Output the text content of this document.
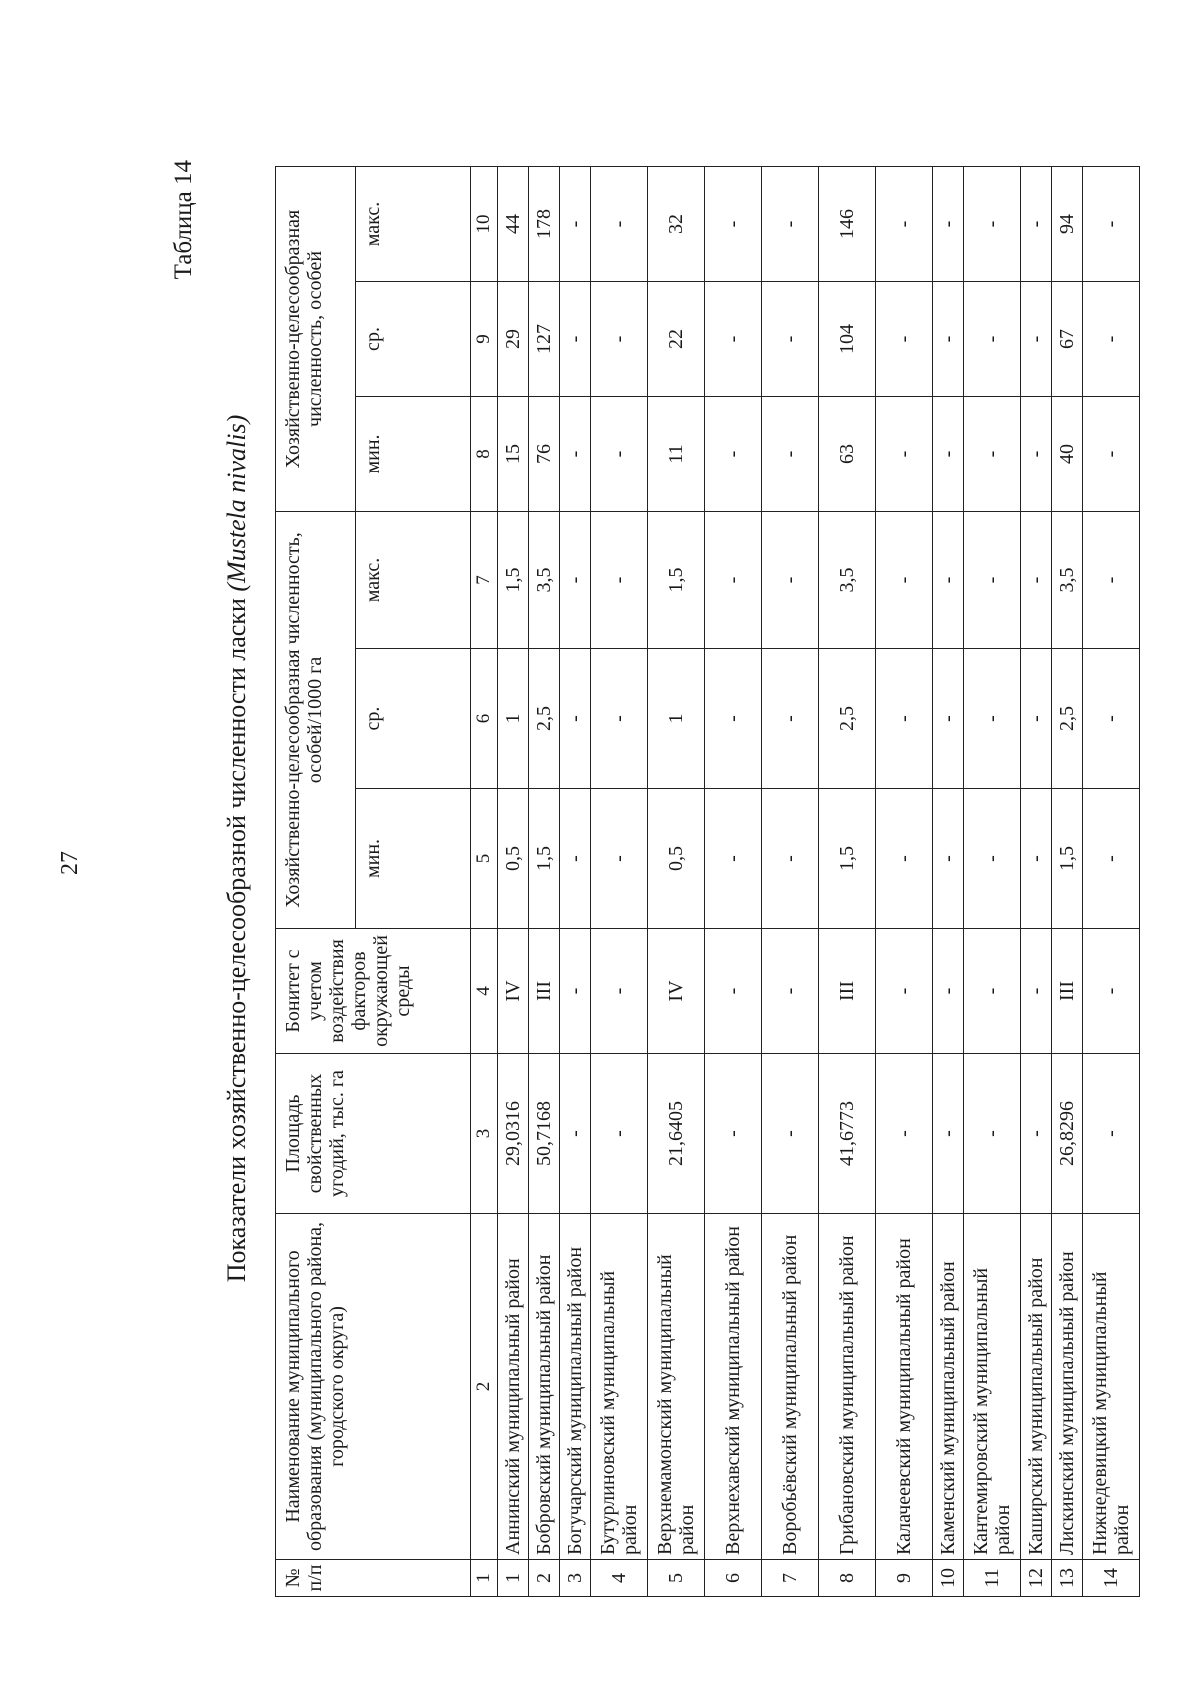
27
Таблица 14
Показатели хозяйственно-целесообразной численности ласки (Mustela nivalis)
№ п/п	Наименование муниципального образования (муниципального района, городского округа)	Площадь свойственных угодий, тыс. га	Бонитет с учетом воздействия факторов окружающей среды	Хозяйственно-целесообразная численность, особей/1000 га			Хозяйственно-целесообразная численность, особей		
				мин.	ср.	макс.	мин.	ср.	макс.
1	2	3	4	5	6	7	8	9	10
1	Аннинский муниципальный район	29,0316	IV	0,5	1	1,5	15	29	44
2	Бобровский муниципальный район	50,7168	III	1,5	2,5	3,5	76	127	178
3	Богучарский муниципальный район	-	-	-	-	-	-	-	-
4	Бутурлиновский муниципальный район	-	-	-	-	-	-	-	-
5	Верхнемамонский муниципальный район	21,6405	IV	0,5	1	1,5	11	22	32
6	Верхнехавский муниципальный район	-	-	-	-	-	-	-	-
7	Воробьёвский муниципальный район	-	-	-	-	-	-	-	-
8	Грибановский муниципальный район	41,6773	III	1,5	2,5	3,5	63	104	146
9	Калачеевский муниципальный район	-	-	-	-	-	-	-	-
10	Каменский муниципальный район	-	-	-	-	-	-	-	-
11	Кантемировский муниципальный район	-	-	-	-	-	-	-	-
12	Каширский муниципальный район	-	-	-	-	-	-	-	-
13	Лискинский муниципальный район	26,8296	III	1,5	2,5	3,5	40	67	94
14	Нижнедевицкий муниципальный район	-	-	-	-	-	-	-	-
